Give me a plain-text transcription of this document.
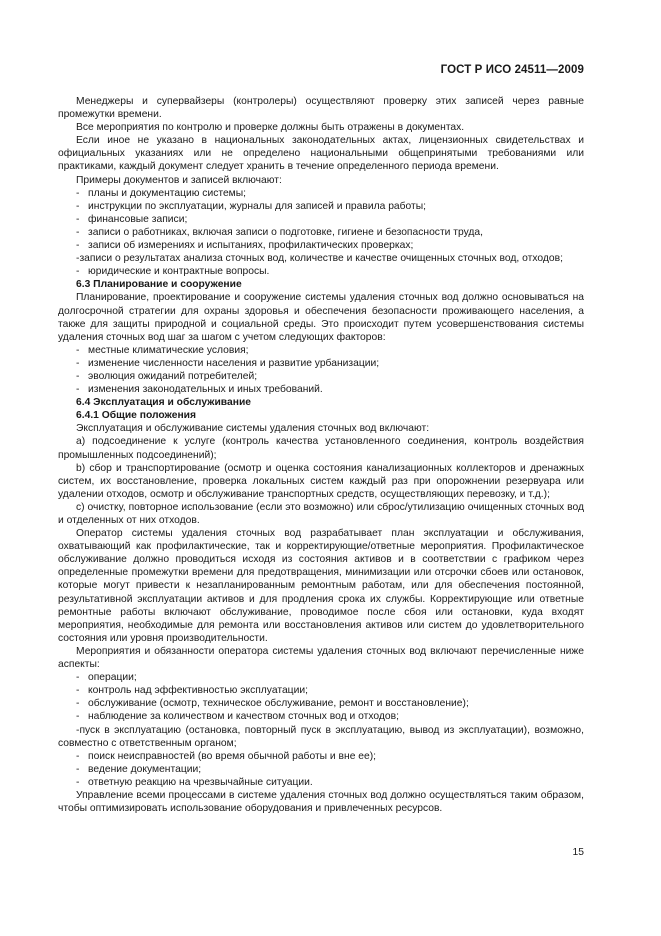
ГОСТ Р ИСО 24511—2009

Менеджеры и супервайзеры (контролеры) осуществляют проверку этих записей через равные промежутки времени.

Все мероприятия по контролю и проверке должны быть отражены в документах.

Если иное не указано в национальных законодательных актах, лицензионных свидетельствах и официальных указаниях или не определено национальными общепринятыми требованиями или практиками, каждый документ следует хранить в течение определенного периода времени.

Примеры документов и записей включают:

- планы и документацию системы;

- инструкции по эксплуатации, журналы для записей и правила работы;

- финансовые записи;

- записи о работниках, включая записи о подготовке, гигиене и безопасности труда,

- записи об измерениях и испытаниях, профилактических проверках;

-записи о результатах анализа сточных вод, количестве и качестве очищенных сточных вод, отходов;

- юридические и контрактные вопросы.

6.3 Планирование и сооружение

Планирование, проектирование и сооружение системы удаления сточных вод должно основываться на долгосрочной стратегии для охраны здоровья и обеспечения безопасности проживающего населения, а также для защиты природной и социальной среды. Это происходит путем усовершенствования системы удаления сточных вод шаг за шагом с учетом следующих факторов:

- местные климатические условия;

- изменение численности населения и развитие урбанизации;

- эволюция ожиданий потребителей;

- изменения законодательных и иных требований.

6.4 Эксплуатация и обслуживание

6.4.1 Общие положения

Эксплуатация и обслуживание системы удаления сточных вод включают:

а) подсоединение к услуге (контроль качества установленного соединения, контроль воздействия промышленных подсоединений);

b) сбор и транспортирование (осмотр и оценка состояния канализационных коллекторов и дренажных систем, их восстановление, проверка локальных систем каждый раз при опорожнении резервуара или удалении отходов, осмотр и обслуживание транспортных средств, осуществляющих перевозку, и т.д.);

с) очистку, повторное использование (если это возможно) или сброс/утилизацию очищенных сточных вод и отделенных от них отходов.

Оператор системы удаления сточных вод разрабатывает план эксплуатации и обслуживания, охватывающий как профилактические, так и корректирующие/ответные мероприятия. Профилактическое обслуживание должно проводиться исходя из состояния активов и в соответствии с графиком через определенные промежутки времени для предотвращения, минимизации или отсрочки сбоев или остановок, которые могут привести к незапланированным ремонтным работам, или для обеспечения постоянной, результативной эксплуатации активов и для продления срока их службы. Корректирующие или ответные ремонтные работы включают обслуживание, проводимое после сбоя или остановки, куда входят мероприятия, необходимые для ремонта или восстановления активов или систем до удовлетворительного состояния или уровня производительности.

Мероприятия и обязанности оператора системы удаления сточных вод включают перечисленные ниже аспекты:

- операции;

- контроль над эффективностью эксплуатации;

- обслуживание (осмотр, техническое обслуживание, ремонт и восстановление);

- наблюдение за количеством и качеством сточных вод и отходов;

-пуск в эксплуатацию (остановка, повторный пуск в эксплуатацию, вывод из эксплуатации), возможно, совместно с ответственным органом;

- поиск неисправностей (во время обычной работы и вне ее);

- ведение документации;

- ответную реакцию на чрезвычайные ситуации.

Управление всеми процессами в системе удаления сточных вод должно осуществляться таким образом, чтобы оптимизировать использование оборудования и привлеченных ресурсов.

15
